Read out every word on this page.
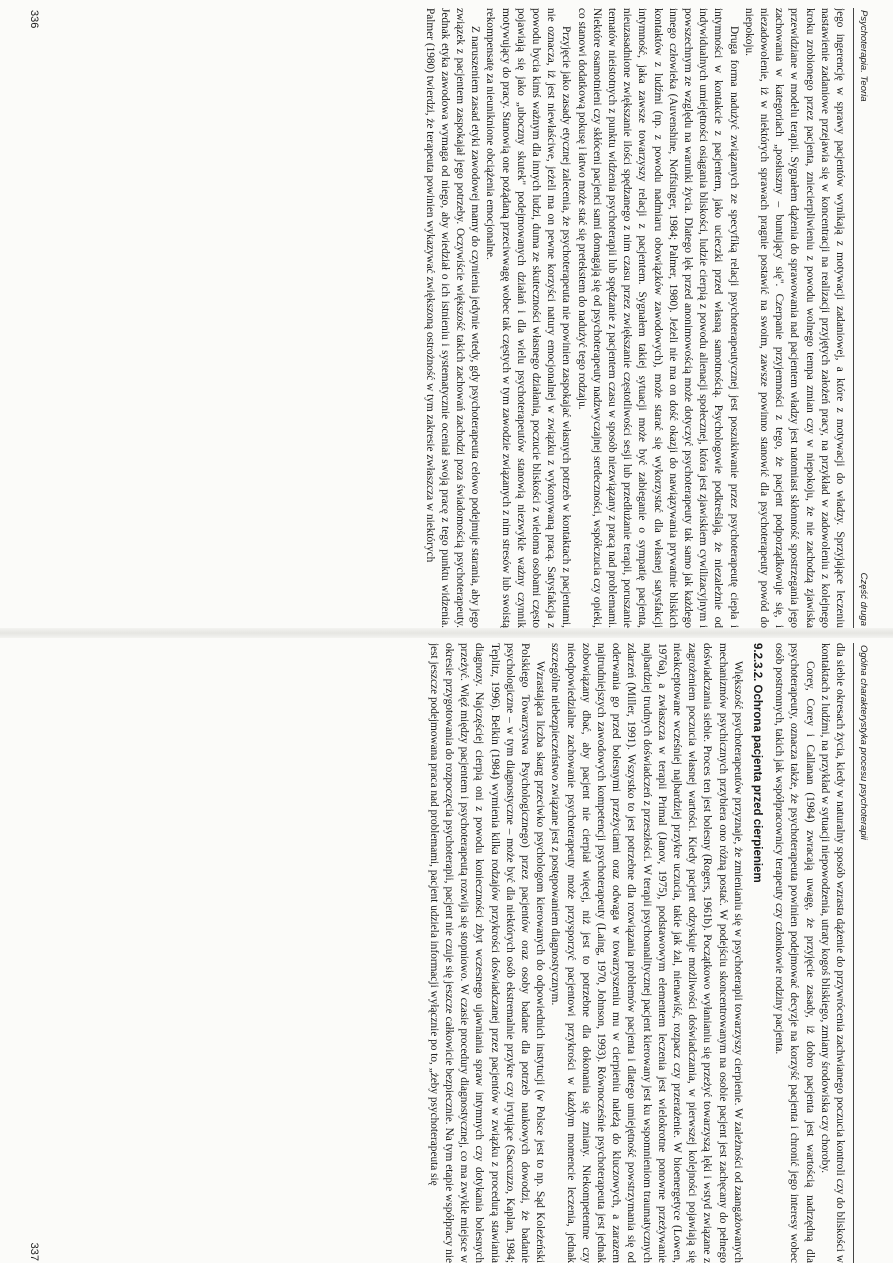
Psychoterapia. Teoria
Część druga

jego ingerencję w sprawy pacjentów wynikają z motywacji zadaniowej, a które z motywacji do władzy. Sprzyjające leczeniu nastawienie zadaniowe przejawia się w koncentracji na realizacji przyjętych założeń pracy, na przykład w zadowoleniu z kolejnego kroku zrobionego przez pacjenta, zniecierpliwieniu z powodu wolnego tempa zmian czy w niepokoju, że nie zachodzą zjawiska przewidziane w modelu terapii. Sygnałem dążenia do sprawowania nad pacjentem władzy jest natomiast skłonność spostrzegania jego zachowania w kategoriach „posłuszny – buntujący się". Czerpanie przyjemności z tego, że pacjent podporządkowuje się, i niezadowolenie, iż w niektórych sprawach pragnie postawić na swoim, zawsze powinno stanowić dla psychoterapeuty powód do niepokoju.

Druga forma nadużyć związanych ze specyfiką relacji psychoterapeutycznej jest poszukiwanie przez psychoterapeutę ciepła i intymności w kontakcie z pacjentem, jako ucieczki przed własną samotnością. Psychologowie podkreślają, że niezależnie od indywidualnych umiejętności osiągania bliskości, ludzie cierpią z powodu alienacji społecznej, która jest zjawiskiem cywilizacyjnym i powszechnym ze względu na warunki życia. Dlatego lęk przed anonimowością może dotyczyć psychoterapeuty tak samo jak każdego innego człowieka (Auvenshine, Noffsinger, 1984; Palmer, 1980). Jeżeli nie ma on dość okazji do nawiązywania prywatnie bliskich kontaktów z ludźmi (np. z powodu nadmiaru obowiązków zawodowych), może starać się wykorzystać dla własnej satysfakcji intymność, jaka zawsze towarzyszy relacji z pacjentem. Sygnałem takiej sytuacji może być zabieganie o sympatię pacjenta, nieuzasadnione zwiększanie ilości spędzanego z nim czasu przez zwiększanie częstotliwości sesji lub przedłużanie terapii, poruszanie tematów nieistotnych z punktu widzenia psychoterapii lub spędzanie z pacjentem czasu w sposób niezwiązany z pracą nad problemami. Niektóre osamotnieni czy skłóceni pacjenci sami domagają się od psychoterapeuty nadzwyczajnej serdeczności, współczucia czy opieki, co stanowi dodatkową pokusę i łatwo może stać się pretekstem do nadużyć tego rodzaju.

Przyjęcie jako zasady etycznej zalecenia, że psychoterapeuta nie powinien zaspokajać własnych potrzeb w kontaktach z pacjentami, nie oznacza, iż jest niewłaściwe, jeżeli ma on pewne korzyści natury emocjonalnej w związku z wykonywaną pracą. Satysfakcja z powodu bycia kimś ważnym dla innych ludzi, duma ze skuteczności własnego działania, poczucie bliskości z wieloma osobami często pojawiają się jako „uboczny skutek" podejmowanych działań i dla wielu psychoterapeutów stanowią niezwykle ważny czynnik motywujący do pracy. Stanowią one pożądaną przeciwwagę wobec tak częstych w tym zawodzie związanych z nim stresów lub swoistą rekompensatę za nieuniknione obciążenia emocjonalne.

Z naruszeniem zasad etyki zawodowej mamy do czynienia jedynie wtedy, gdy psychoterapeuta celowo podejmuje starania, aby jego związek z pacjentem zaspokajał jego potrzeby. Oczywiście większość takich zachowań zachodzi poza świadomością psychoterapeuty. Jednak etyka zawodowa wymaga od niego, aby wiedział o ich istnieniu i systematycznie oceniał swoją pracę z tego punktu widzenia. Palmer (1980) twierdzi, że terapeuta powinien wykazywać zwiększoną ostrożność w tym zakresie zwłaszcza w niektórych

336
Ogólna charakterystyka procesu psychoterapii

dla siebie okresach życia, kiedy w naturalny sposób wzrasta dążenie do przywrócenia zachwianego poczucia kontroli czy do bliskości w kontaktach z ludźmi, na przykład w sytuacji niepowodzenia, utraty kogoś bliskiego, zmiany środowiska czy choroby.

Corey, Corey i Callanan (1984) zwracają uwagę, że przyjęcie zasady, iż dobro pacjenta jest wartością nadrzędną dla psychoterapeuty, oznacza także, że psychoterapeuta powinien podejmować decyzje na korzyść pacjenta i chronić jego interesy wobec osób postronnych, takich jak współpracownicy terapeuty czy członkowie rodziny pacjenta.

9.2.3.2. Ochrona pacjenta przed cierpieniem

Większość psychoterapeutów przyznaje, że zmienianiu się w psychoterapii towarzyszy cierpienie. W zależności od zaangażowanych mechanizmów psychicznych przybiera ono różną postać. W podejściu skoncentrowanym na osobie pacjent jest zachęcany do pełnego doświadczania siebie. Proces ten jest bolesny (Rogers, 1961b). Początkowo wyłanianiu się przeżyć towarzyszą lęki i wstyd związane z zagrożeniem poczucia własnej wartości. Kiedy pacjent odzyskuje możliwości doświadczania, w pierwszej kolejności pojawiają się nieakceptowane wcześniej najbardziej przykre uczucia, takie jak żal, nienawiść, rozpacz czy przerażenie. W bioenergetyce (Lowen, 1976a), a zwłaszcza w terapii Primal (Janov, 1975), podstawowym elementem leczenia jest wielokrotne ponowne przeżywanie najbardziej trudnych doświadczeń z przeszłości. W terapii psychoanalitycznej pacjent kierowany jest ku wspomnieniom traumatycznych zdarzeń (Miller, 1991). Wszystko to jest potrzebne dla rozwiązania problemów pacjenta i dlatego umiejętność powstrzymania się od oderwania go przed bolesnymi przeżyciami oraz odwaga w towarzyszeniu mu w cierpieniu należą do kluczowych, a zarazem najtrudniejszych zawodowych kompetencji psychoterapeuty (Laing, 1970, Johnson, 1993). Równocześnie psychoterapeuta jest jednak zobowiązany dbać, aby pacjent nie cierpiał więcej, niż jest to potrzebne dla dokonania się zmiany. Niekompetentne czy nieodpowiedzialne zachowanie psychoterapeuty może przysporzyć pacjentowi przykrości w każdym momencie leczenia, jednak szczególne niebezpieczeństwo związane jest z postępowaniem diagnostycznym.

Wzrastająca liczba skarg przeciwko psychologom kierowanych do odpowiednich instytucji (w Polsce jest to np. Sąd Koleżeński Polskiego Towarzystwa Psychologicznego) przez pacjentów oraz osoby badane dla potrzeb naukowych dowodzi, że badanie psychologiczne – w tym diagnostyczne – może być dla niektórych osób ekstremalnie przykre czy irytujące (Saccuzzo, Kaplan, 1984; Teplitz, 1996). Belkin (1984) wymienia kilka rodzajów przykrości doświadczanej przez pacjentów w związku z procedurą stawiania diagnozy. Najczęściej cierpią oni z powodu konieczności zbyt wczesnego ujawniania spraw intymnych czy dotykania bolesnych przeżyć. Więź między pacjentem i psychoterapeutą rozwija się stopniowo. W czasie procedury diagnostycznej, co ma zwykle miejsce w okresie przygotowania do rozpoczęcia psychoterapii, pacjent nie czuje się jeszcze całkowicie bezpiecznie. Na tym etapie współpracy nie jest jeszcze podejmowana praca nad problemami, pacjent udziela informacji wyłącznie po to, „żeby psychoterapeuta się

337
